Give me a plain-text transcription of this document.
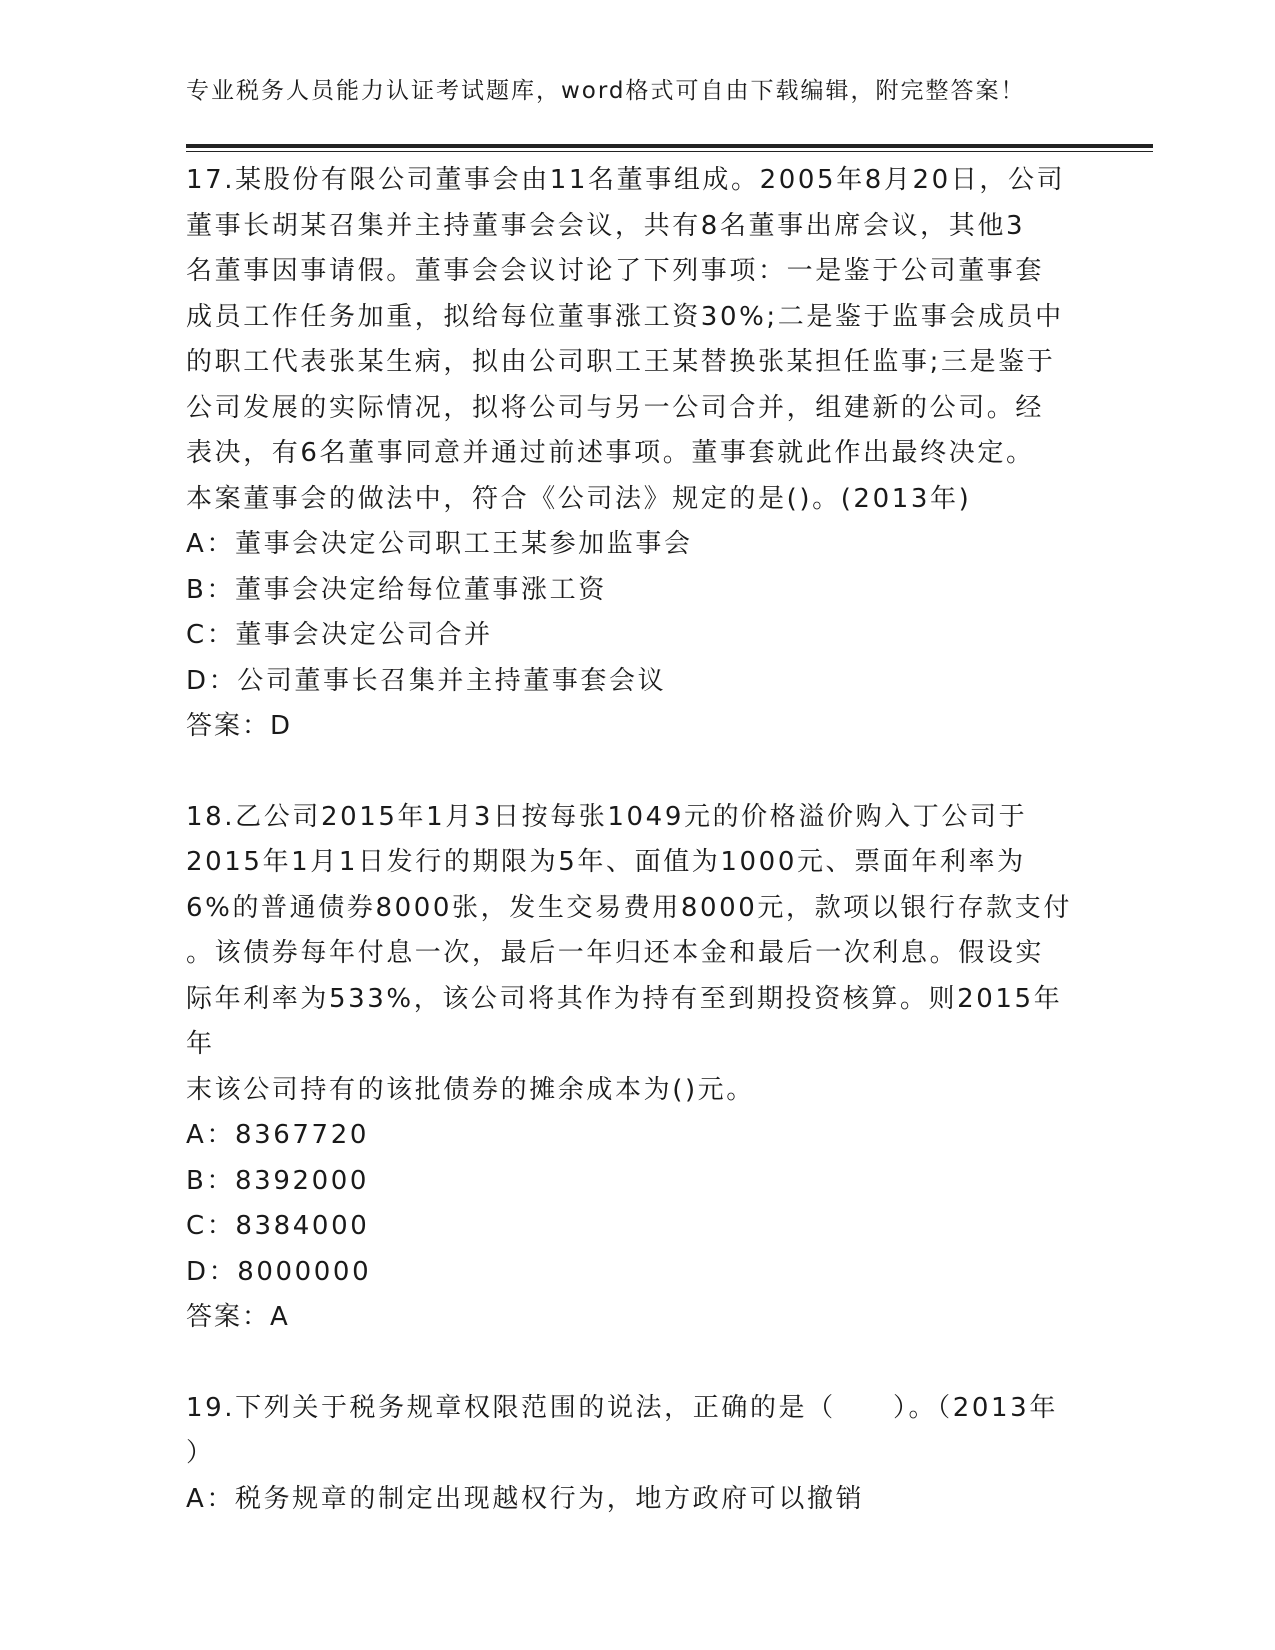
专业税务人员能力认证考试题库，word格式可自由下载编辑，附完整答案！
17.某股份有限公司董事会由11名董事组成。2005年8月20日，公司
董事长胡某召集并主持董事会会议，共有8名董事出席会议，其他3
名董事因事请假。董事会会议讨论了下列事项：一是鉴于公司董事套
成员工作任务加重，拟给每位董事涨工资30%;二是鉴于监事会成员中
的职工代表张某生病，拟由公司职工王某替换张某担任监事;三是鉴于
公司发展的实际情况，拟将公司与另一公司合并，组建新的公司。经
表决，有6名董事同意并通过前述事项。董事套就此作出最终决定。
本案董事会的做法中，符合《公司法》规定的是()。(2013年)
A：董事会决定公司职工王某参加监事会
B：董事会决定给每位董事涨工资
C：董事会决定公司合并
D：公司董事长召集并主持董事套会议
答案：D
18.乙公司2015年1月3日按每张1049元的价格溢价购入丁公司于
2015年1月1日发行的期限为5年、面值为1000元、票面年利率为
6%的普通债券8000张，发生交易费用8000元，款项以银行存款支付
。该债券每年付息一次，最后一年归还本金和最后一次利息。假设实
际年利率为533%，该公司将其作为持有至到期投资核算。则2015年年
末该公司持有的该批债券的摊余成本为()元。
A：8367720
B：8392000
C：8384000
D：8000000
答案：A
19.下列关于税务规章权限范围的说法，正确的是（　　）。（2013年
）
A：税务规章的制定出现越权行为，地方政府可以撤销
